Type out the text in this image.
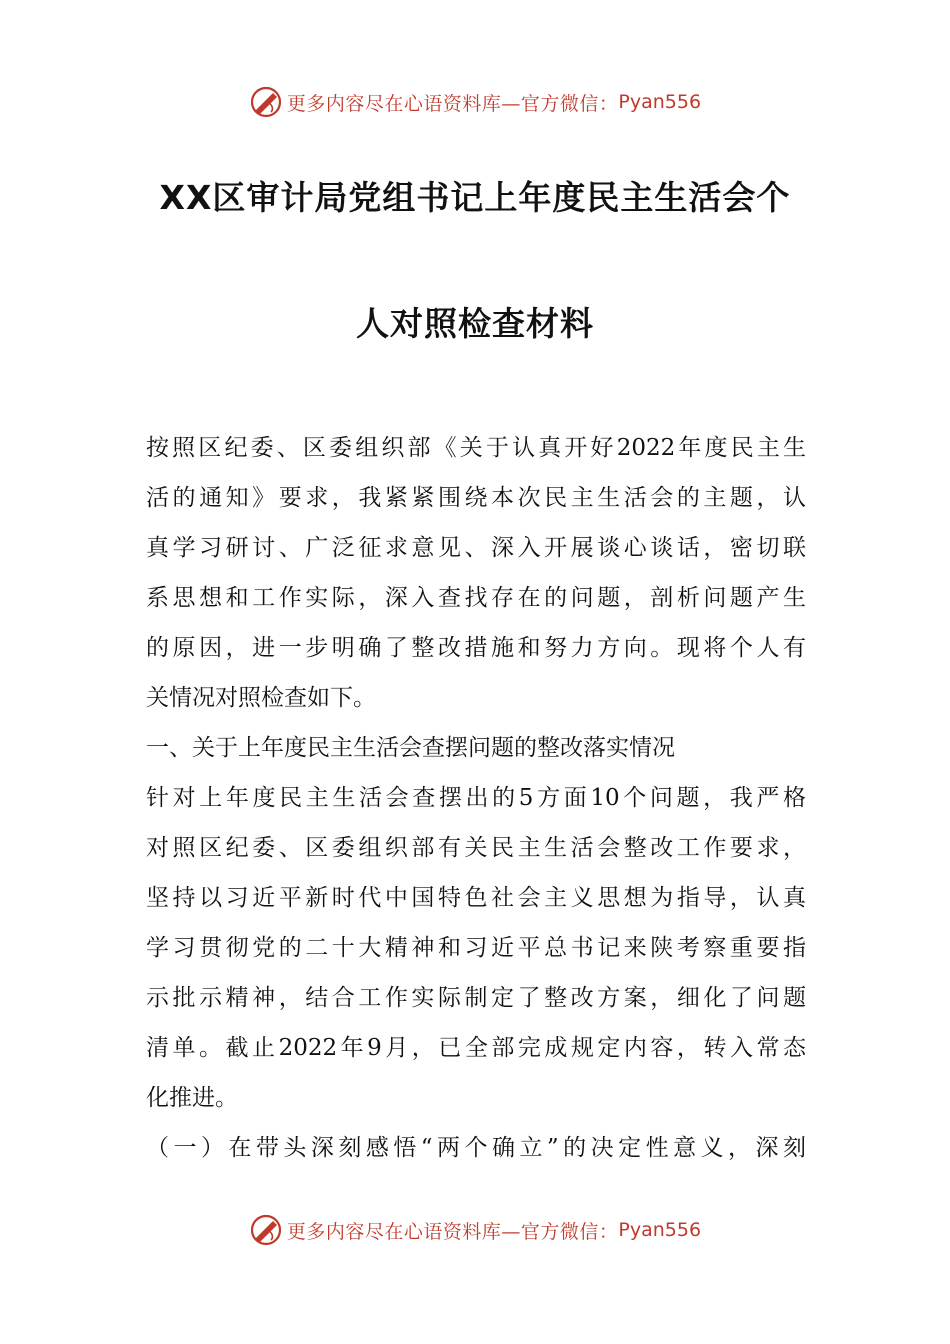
更多内容尽在心语资料库—官方微信： Pyan556
XX区审计局党组书记上年度民主生活会个
人对照检查材料
按照区纪委、区委组织部《关于认真开好2022年度民主生
活的通知》要求，我紧紧围绕本次民主生活会的主题，认
真学习研讨、广泛征求意见、深入开展谈心谈话，密切联
系思想和工作实际，深入查找存在的问题，剖析问题产生
的原因，进一步明确了整改措施和努力方向。现将个人有
关情况对照检查如下。
一、关于上年度民主生活会查摆问题的整改落实情况
针对上年度民主生活会查摆出的5方面10个问题，我严格
对照区纪委、区委组织部有关民主生活会整改工作要求，
坚持以习近平新时代中国特色社会主义思想为指导，认真
学习贯彻党的二十大精神和习近平总书记来陕考察重要指
示批示精神，结合工作实际制定了整改方案，细化了问题
清单。截止2022年9月，已全部完成规定内容，转入常态
化推进。
（一）在带头深刻感悟“两个确立”的决定性意义，深刻
更多内容尽在心语资料库—官方微信： Pyan556
